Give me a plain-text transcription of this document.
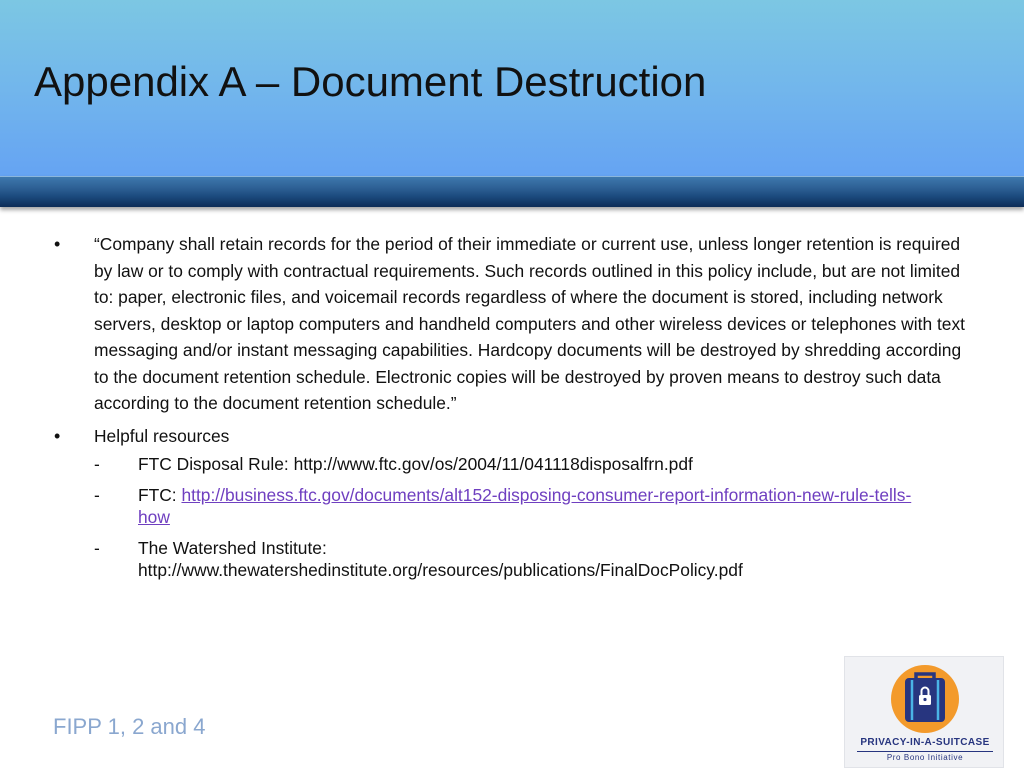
Appendix A – Document Destruction
•	“Company shall retain records for the period of their immediate or current use, unless longer retention is required by law or to comply with contractual requirements. Such records outlined in this policy include, but are not limited to: paper, electronic files, and voicemail records regardless of where the document is stored, including network servers, desktop or laptop computers and handheld computers and other wireless devices or telephones with text messaging and/or instant messaging capabilities. Hardcopy documents will be destroyed by shredding according to the document retention schedule. Electronic copies will be destroyed by proven means to destroy such data according to the document retention schedule.”
•	Helpful resources
-	FTC Disposal Rule: http://www.ftc.gov/os/2004/11/041118disposalfrn.pdf
-	FTC: http://business.ftc.gov/documents/alt152-disposing-consumer-report-information-new-rule-tells-how
-	The Watershed Institute:
http://www.thewatershedinstitute.org/resources/publications/FinalDocPolicy.pdf
FIPP 1, 2 and 4
PRIVACY-IN-A-SUITCASE
Pro Bono Initiative
